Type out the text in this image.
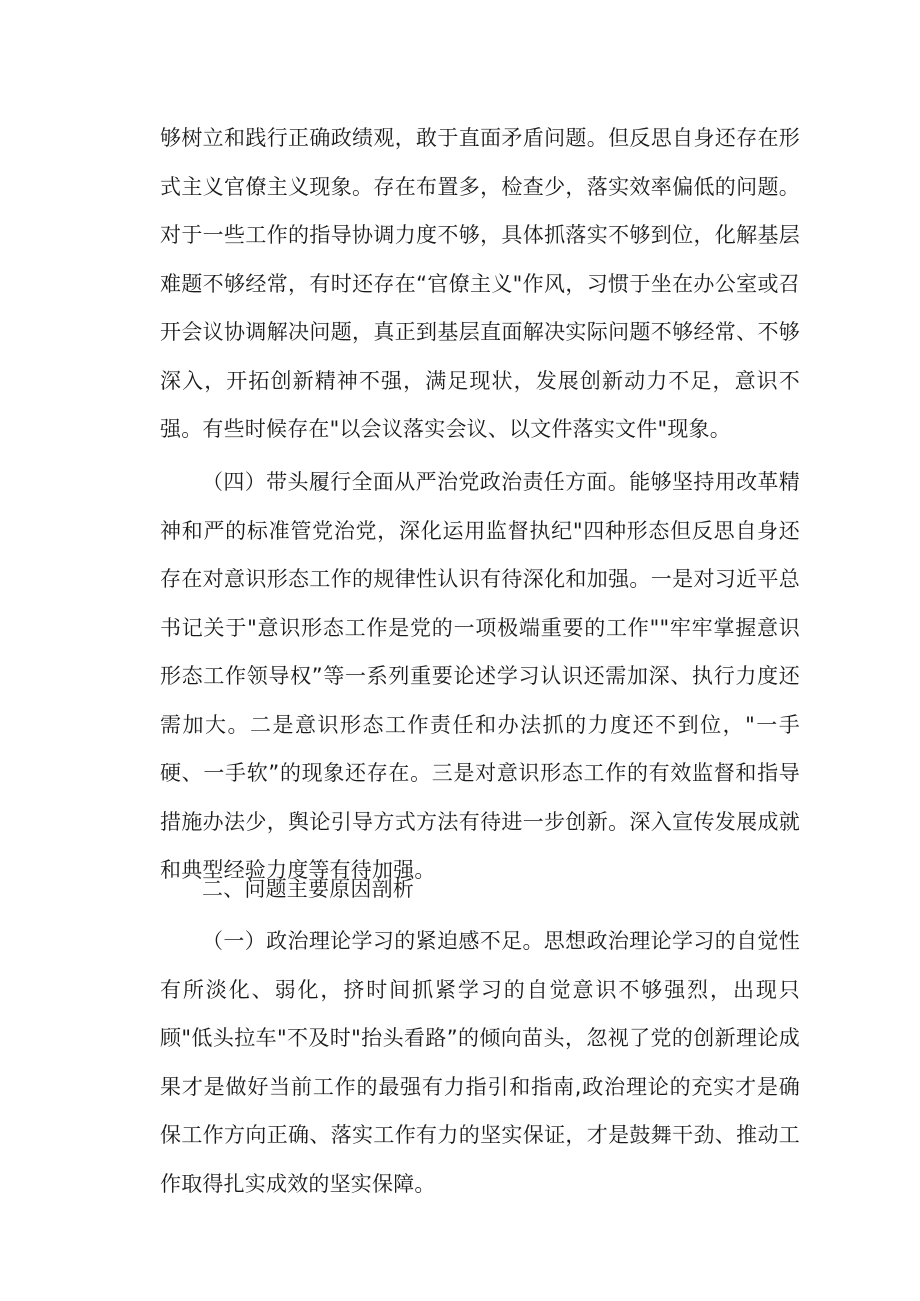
够树立和践行正确政绩观，敢于直面矛盾问题。但反思自身还存在形式主义官僚主义现象。存在布置多，检查少，落实效率偏低的问题。对于一些工作的指导协调力度不够，具体抓落实不够到位，化解基层难题不够经常，有时还存在“官僚主义"作风，习惯于坐在办公室或召开会议协调解决问题，真正到基层直面解决实际问题不够经常、不够深入，开拓创新精神不强，满足现状，发展创新动力不足，意识不强。有些时候存在"以会议落实会议、以文件落实文件"现象。

（四）带头履行全面从严治党政治责任方面。能够坚持用改革精神和严的标准管党治党，深化运用监督执纪"四种形态但反思自身还存在对意识形态工作的规律性认识有待深化和加强。一是对习近平总书记关于"意识形态工作是党的一项极端重要的工作""牢牢掌握意识形态工作领导权”等一系列重要论述学习认识还需加深、执行力度还需加大。二是意识形态工作责任和办法抓的力度还不到位，"一手硬、一手软”的现象还存在。三是对意识形态工作的有效监督和指导措施办法少，舆论引导方式方法有待进一步创新。深入宣传发展成就和典型经验力度等有待加强。

二、问题主要原因剖析

（一）政治理论学习的紧迫感不足。思想政治理论学习的自觉性有所淡化、弱化，挤时间抓紧学习的自觉意识不够强烈，出现只顾"低头拉车"不及时"抬头看路”的倾向苗头，忽视了党的创新理论成果才是做好当前工作的最强有力指引和指南,政治理论的充实才是确保工作方向正确、落实工作有力的坚实保证，才是鼓舞干劲、推动工作取得扎实成效的坚实保障。
